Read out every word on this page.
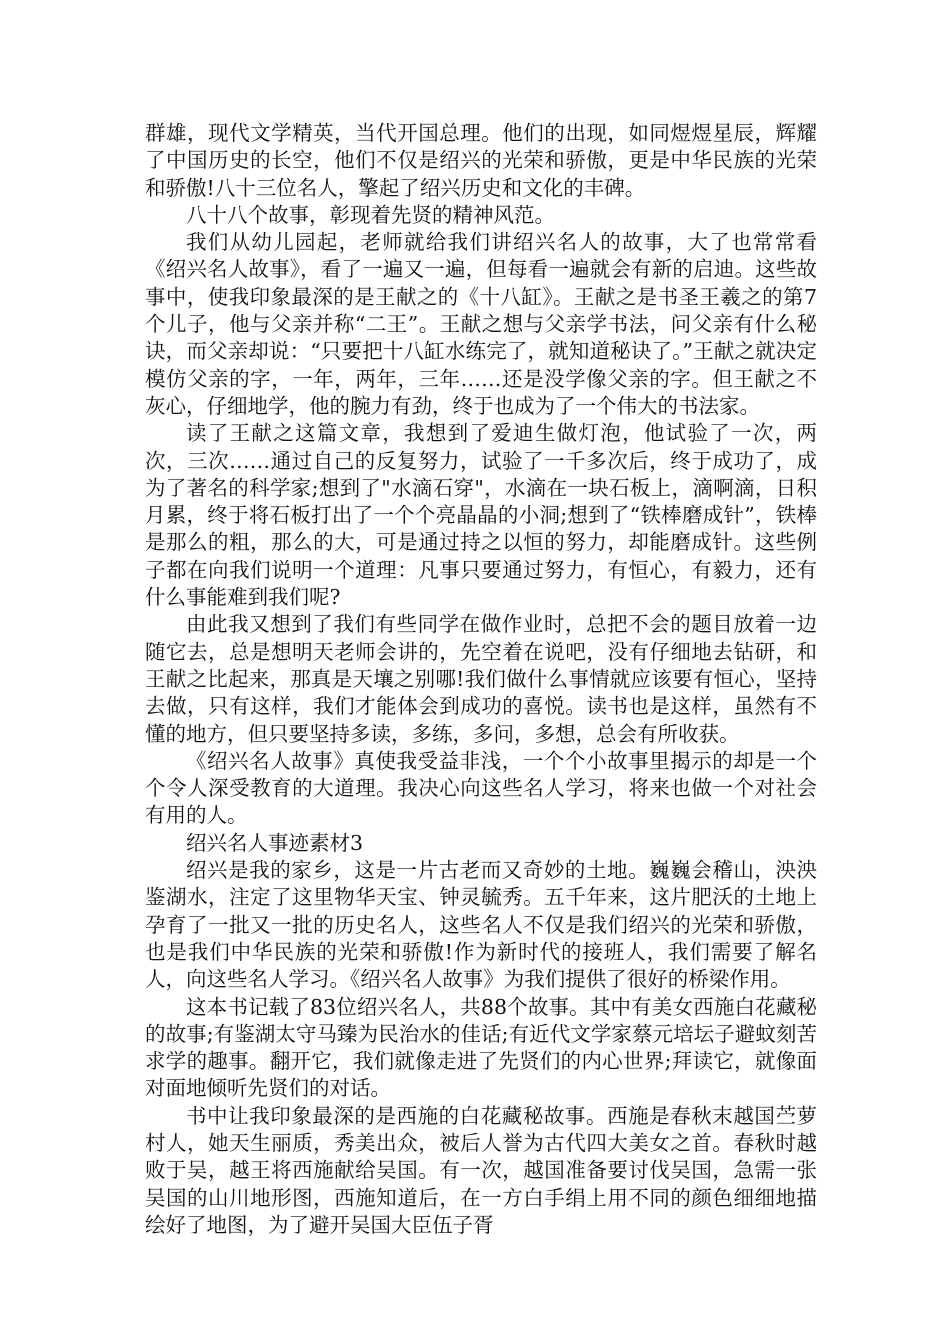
群雄，现代文学精英，当代开国总理。他们的出现，如同煜煜星辰，辉耀了中国历史的长空，他们不仅是绍兴的光荣和骄傲，更是中华民族的光荣和骄傲!八十三位名人，擎起了绍兴历史和文化的丰碑。

八十八个故事，彰现着先贤的精神风范。

我们从幼儿园起，老师就给我们讲绍兴名人的故事，大了也常常看《绍兴名人故事》，看了一遍又一遍，但每看一遍就会有新的启迪。这些故事中，使我印象最深的是王献之的《十八缸》。王献之是书圣王羲之的第7个儿子，他与父亲并称“二王”。王献之想与父亲学书法，问父亲有什么秘诀，而父亲却说：“只要把十八缸水练完了，就知道秘诀了。”王献之就决定模仿父亲的字，一年，两年，三年……还是没学像父亲的字。但王献之不灰心，仔细地学，他的腕力有劲，终于也成为了一个伟大的书法家。

读了王献之这篇文章，我想到了爱迪生做灯泡，他试验了一次，两次，三次……通过自己的反复努力，试验了一千多次后，终于成功了，成为了著名的科学家;想到了"水滴石穿"，水滴在一块石板上，滴啊滴，日积月累，终于将石板打出了一个个亮晶晶的小洞;想到了“铁棒磨成针”，铁棒是那么的粗，那么的大，可是通过持之以恒的努力，却能磨成针。这些例子都在向我们说明一个道理：凡事只要通过努力，有恒心，有毅力，还有什么事能难到我们呢?

由此我又想到了我们有些同学在做作业时，总把不会的题目放着一边随它去，总是想明天老师会讲的，先空着在说吧，没有仔细地去钻研，和王献之比起来，那真是天壤之别哪!我们做什么事情就应该要有恒心，坚持去做，只有这样，我们才能体会到成功的喜悦。读书也是这样，虽然有不懂的地方，但只要坚持多读，多练，多问，多想，总会有所收获。

《绍兴名人故事》真使我受益非浅，一个个小故事里揭示的却是一个个令人深受教育的大道理。我决心向这些名人学习，将来也做一个对社会有用的人。

绍兴名人事迹素材3

绍兴是我的家乡，这是一片古老而又奇妙的土地。巍巍会稽山，泱泱鉴湖水，注定了这里物华天宝、钟灵毓秀。五千年来，这片肥沃的土地上孕育了一批又一批的历史名人，这些名人不仅是我们绍兴的光荣和骄傲，也是我们中华民族的光荣和骄傲!作为新时代的接班人，我们需要了解名人，向这些名人学习。《绍兴名人故事》为我们提供了很好的桥梁作用。

这本书记载了83位绍兴名人，共88个故事。其中有美女西施白花藏秘的故事;有鉴湖太守马臻为民治水的佳话;有近代文学家蔡元培坛子避蚊刻苦求学的趣事。翻开它，我们就像走进了先贤们的内心世界;拜读它，就像面对面地倾听先贤们的对话。

书中让我印象最深的是西施的白花藏秘故事。西施是春秋末越国苎萝村人，她天生丽质，秀美出众，被后人誉为古代四大美女之首。春秋时越败于吴，越王将西施献给吴国。有一次，越国准备要讨伐吴国，急需一张吴国的山川地形图，西施知道后，在一方白手绢上用不同的颜色细细地描绘好了地图，为了避开吴国大臣伍子胥
